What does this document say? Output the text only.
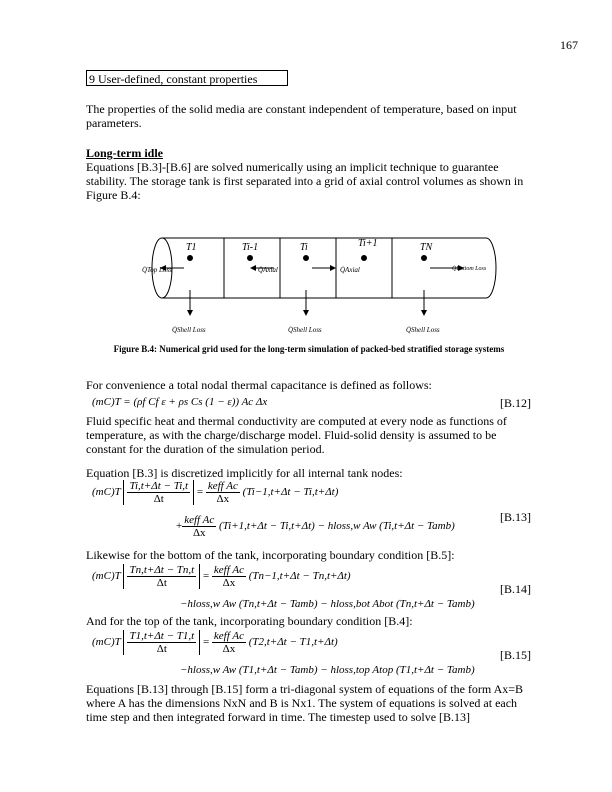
167
9 User-defined, constant properties

The properties of the solid media are constant independent of temperature, based on input parameters.

Long-term idle

Equations [B.3]-[B.6] are solved numerically using an implicit technique to guarantee stability. The storage tank is first separated into a grid of axial control volumes as shown in Figure B.4:

T1	Ti-1	Ti	Ti+1	TN
Q̇Top Loss	Q̇Axial	Q̇Axial	Q̇Bottom Loss
Q̇Shell Loss	Q̇Shell Loss	Q̇Shell Loss
Figure B.4: Numerical grid used for the long-term simulation of packed-bed stratified storage systems

For convenience a total nodal thermal capacitance is defined as follows:

(mC)T = (ρf Cf ε + ρs Cs (1 − ε)) Ac Δx	[B.12]

Fluid specific heat and thermal conductivity are computed at every node as functions of temperature, as with the charge/discharge model. Fluid-solid density is assumed to be constant for the duration of the simulation period.

Equation [B.3] is discretized implicitly for all internal tank nodes:

$(mC)T \frac{Ti,t+\Delta t - Ti,t}{\Delta t} = \frac{\text{keff Ac}}{\Delta x} (Ti-1,t+\Delta t - Ti,t+\Delta t)$
+ $\frac{\text{keff Ac}}{\Delta x} (Ti+1,t+\Delta t - Ti,t+\Delta t)$ − hloss,w Aw (Ti,t+Δt − Tamb)
[B.13]

Likewise for the bottom of the tank, incorporating boundary condition [B.5]:

$(mC)T \frac{Tn,t+\Delta t - Tn,t}{\Delta t} = \frac{\text{keff Ac}}{\Delta x} (Tn-1,t+\Delta t - Tn,t+\Delta t)$
−hloss,w Aw (Tn,t+Δt − Tamb) − hloss,bot Abot (Tn,t+Δt − Tamb)
[B.14]

And for the top of the tank, incorporating boundary condition [B.4]:

$(mC)T \frac{T1,t+\Delta t - T1,t}{\Delta t} = \frac{\text{keff Ac}}{\Delta x} (T2,t+\Delta t - T1,t+\Delta t)$
−hloss,w Aw (T1,t+Δt − Tamb) − hloss,top Atop (T1,t+Δt − Tamb)
[B.15]

Equations [B.13] through [B.15] form a tri-diagonal system of equations of the form Ax=B where A has the dimensions NxN and B is Nx1. The system of equations is solved at each time step and then integrated forward in time. The timestep used to solve [B.13]
